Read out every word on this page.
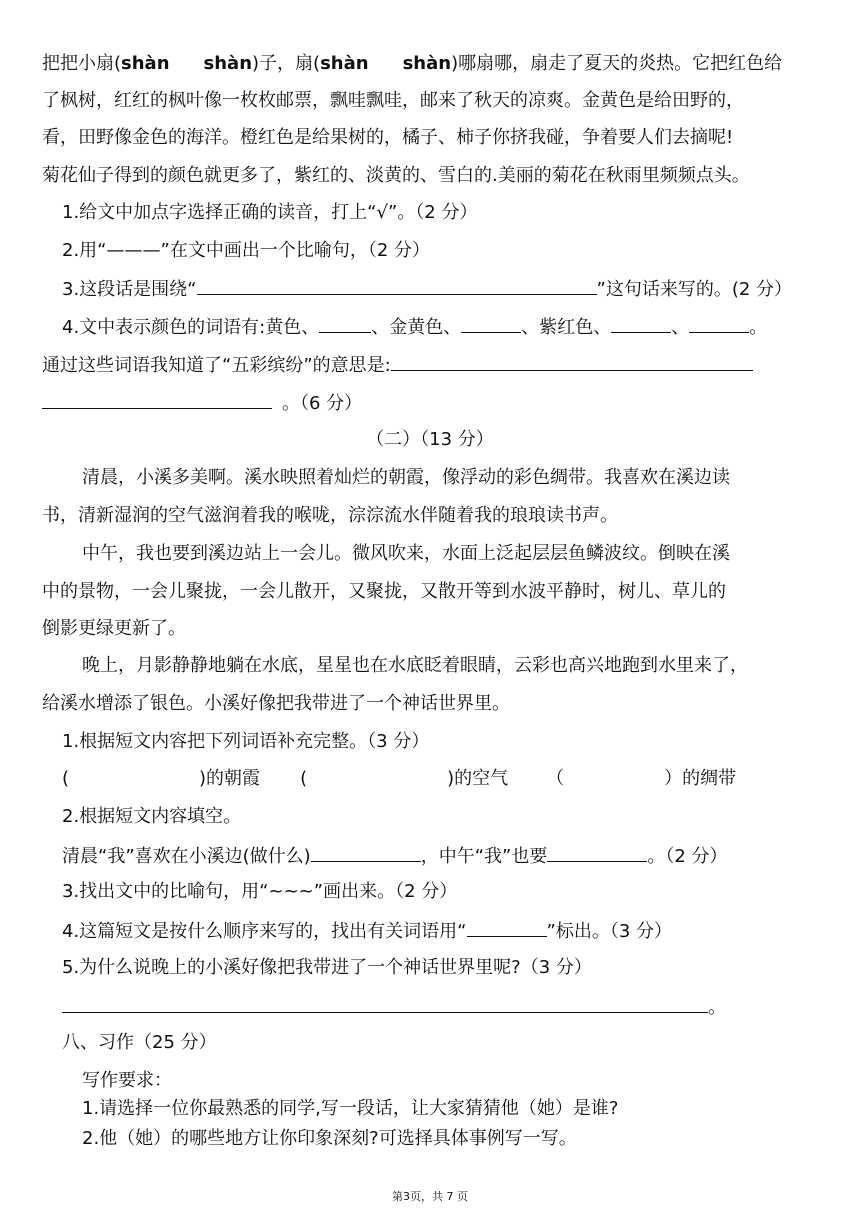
把把小扇(shàn shàn)子，扇(shàn shàn)哪扇哪，扇走了夏天的炎热。它把红色给
了枫树，红红的枫叶像一枚枚邮票，飘哇飘哇，邮来了秋天的凉爽。金黄色是给田野的，
看，田野像金色的海洋。橙红色是给果树的，橘子、柿子你挤我碰，争着要人们去摘呢!
菊花仙子得到的颜色就更多了，紫红的、淡黄的、雪白的.美丽的菊花在秋雨里频频点头。
1.给文中加点字选择正确的读音，打上“√”。（2 分）
2.用“———”在文中画出一个比喻句，（2 分）
3.这段话是围绕“	”这句话来写的。(2 分）
4.文中表示颜色的词语有:黄色、	、金黄色、	、紫红色、	、	。
通过这些词语我知道了“五彩缤纷”的意思是:
。（6 分）
（二）（13 分）
清晨，小溪多美啊。溪水映照着灿烂的朝霞，像浮动的彩色绸带。我喜欢在溪边读
书，清新湿润的空气滋润着我的喉咙，淙淙流水伴随着我的琅琅读书声。
中午，我也要到溪边站上一会儿。微风吹来，水面上泛起层层鱼鳞波纹。倒映在溪
中的景物，一会儿聚拢，一会儿散开，又聚拢，又散开等到水波平静时，树儿、草儿的
倒影更绿更新了。
晚上，月影静静地躺在水底，星星也在水底眨着眼睛，云彩也高兴地跑到水里来了，
给溪水增添了银色。小溪好像把我带进了一个神话世界里。
1.根据短文内容把下列词语补充完整。（3 分）
(	)的朝霞 (	)的空气 （	）的绸带
2.根据短文内容填空。
清晨“我”喜欢在小溪边(做什么)	，中午“我”也要	。（2 分）
3.找出文中的比喻句，用“~~~”画出来。（2 分）
4.这篇短文是按什么顺序来写的，找出有关词语用“	”标出。（3 分）
5.为什么说晚上的小溪好像把我带进了一个神话世界里呢?（3 分）
。
八、习作（25 分）
写作要求：
1.请选择一位你最熟悉的同学,写一段话，让大家猜猜他（她）是谁?
2.他（她）的哪些地方让你印象深刻?可选择具体事例写一写。
第3页，共 7 页
